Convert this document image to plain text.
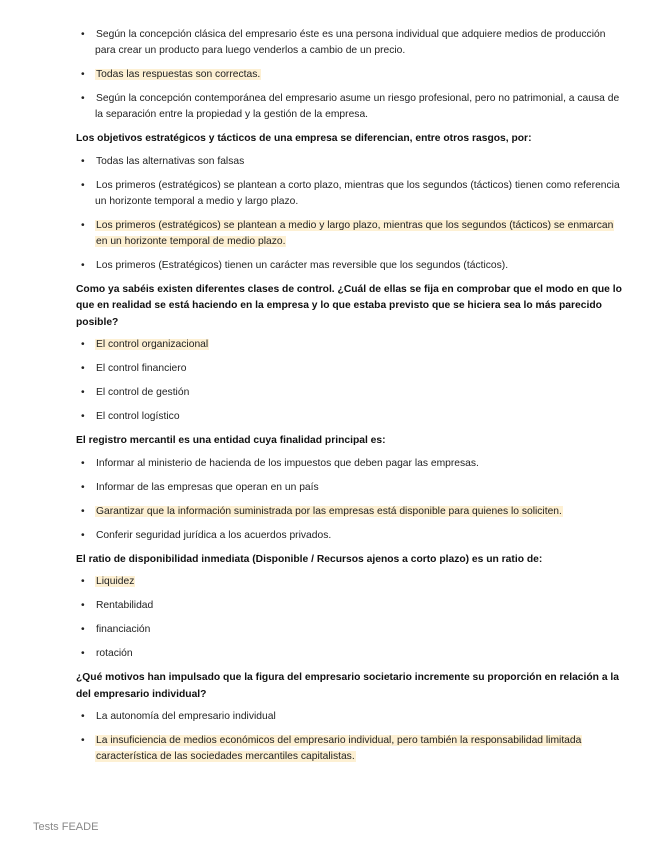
• Según la concepción clásica del empresario éste es una persona individual que adquiere medios de producción para crear un producto para luego venderlos a cambio de un precio.
• Todas las respuestas son correctas.
• Según la concepción contemporánea del empresario asume un riesgo profesional, pero no patrimonial, a causa de la separación entre la propiedad y la gestión de la empresa.

Los objetivos estratégicos y tácticos de una empresa se diferencian, entre otros rasgos, por:

• Todas las alternativas son falsas
• Los primeros (estratégicos) se plantean a corto plazo, mientras que los segundos (tácticos) tienen como referencia un horizonte temporal a medio y largo plazo.
• Los primeros (estratégicos) se plantean a medio y largo plazo, mientras que los segundos (tácticos) se enmarcan en un horizonte temporal de medio plazo.
• Los primeros (Estratégicos) tienen un carácter mas reversible que los segundos (tácticos).

Como ya sabéis existen diferentes clases de control. ¿Cuál de ellas se fija en comprobar que el modo en que lo que en realidad se está haciendo en la empresa y lo que estaba previsto que se hiciera sea lo más parecido posible?

• El control organizacional
• El control financiero
• El control de gestión
• El control logístico

El registro mercantil es una entidad cuya finalidad principal es:

• Informar al ministerio de hacienda de los impuestos que deben pagar las empresas.
• Informar de las empresas que operan en un país
• Garantizar que la información suministrada por las empresas está disponible para quienes lo soliciten.
• Conferir seguridad jurídica a los acuerdos privados.

El ratio de disponibilidad inmediata (Disponible / Recursos ajenos a corto plazo) es un ratio de:

• Liquidez
• Rentabilidad
• financiación
• rotación

¿Qué motivos han impulsado que la figura del empresario societario incremente su proporción en relación a la del empresario individual?

• La autonomía del empresario individual
• La insuficiencia de medios económicos del empresario individual, pero también la responsabilidad limitada característica de las sociedades mercantiles capitalistas.
Tests FEADE
